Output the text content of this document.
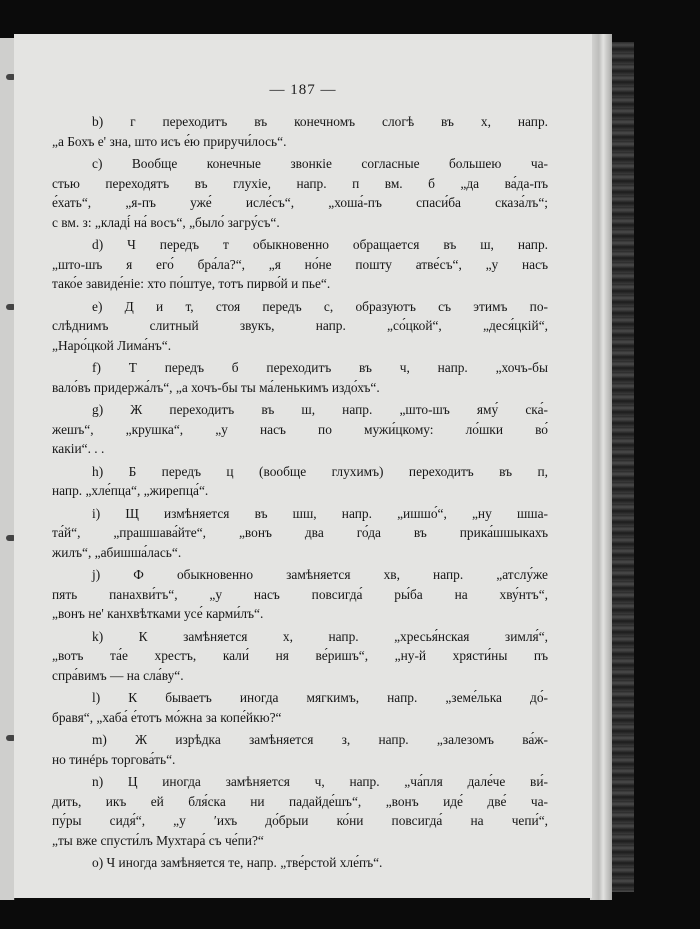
— 187 —
b) г переходитъ въ конечномъ слогѣ въ х, напр.
„а Бохъ е' зна, што исъ е́ю приручи́лось“.
c) Вообще конечные звонкіе согласные большею ча-
стью переходятъ въ глухіе, напр. п вм. б „да ва́да-пъ
е́хать“, „я-пъ уже́ исле́съ“, „хоша́-пъ спаси́ба сказа́лъ“;
с вм. з: „кладі́ на́ восъ“, „было́ загру́съ“.
d) Ч передъ т обыкновенно обращается въ ш, напр.
„што-шъ я его́ бра́ла?“, „я но́не пошту атве́съ“, „у насъ
тако́е завиде́ніе: хто по́штуе, тотъ пирво́й и пье“.
e) Д и т, стоя передъ с, образуютъ съ этимъ по-
слѣднимъ слитный звукъ, напр. „со́цкой“, „деся́цкій“,
„Наро́цкой Лима́нъ“.
f) Т передъ б переходитъ въ ч, напр. „хочъ-бы
вало́въ придержа́лъ“, „а хочъ-бы ты ма́ленькимъ издо́хъ“.
g) Ж переходитъ въ ш, напр. „што-шъ яму́ ска́-
жешъ“, „крушка“, „у насъ по мужи́цкому: ло́шки во́
какіи“. . .
h) Б передъ ц (вообще глухимъ) переходитъ въ п,
напр. „хле́пца“, „жирепца́“.
i) Щ измѣняется въ шш, напр. „ишшо́“, „ну шша-
та́й“, „прашшава́йте“, „вонъ два го́да въ прика́шшыкахъ
жилъ“, „абишша́лась“.
j) Ф обыкновенно замѣняется хв, напр. „атслу́же
пять панахви́тъ“, „у насъ повсигда́ ры́ба на хву́нтъ“,
„вонъ не' канхвѣтками усе́ карми́лъ“.
k) К замѣняется х, напр. „хресья́нская зимля́“,
„вотъ та́е хрестъ, кали́ ня ве́ришъ“, „ну-й хрясти́ны пъ
спра́вимъ — на сла́ву“.
l) К бываетъ иногда мягкимъ, напр. „земе́лька до́-
бравя“, „хаба́ е́тотъ мо́жна за копе́йкю?“
m) Ж изрѣдка замѣняется з, напр. „залезомъ ва́ж-
но тинéрь торгова́ть“.
n) Ц иногда замѣняется ч, напр. „ча́пля дале́че ви́-
дить, икъ ей бля́ска ни падайде́шъ“, „вонъ иде́ две́ ча-
пу́ры сидя́“, „у ′ихъ до́брыи ко́ни повсигда́ на чепи́“,
„ты вже спусти́лъ Мухтара́ съ че́пи?“
o) Ч иногда замѣняется те, напр. „тве́рстой хле́пъ“.
